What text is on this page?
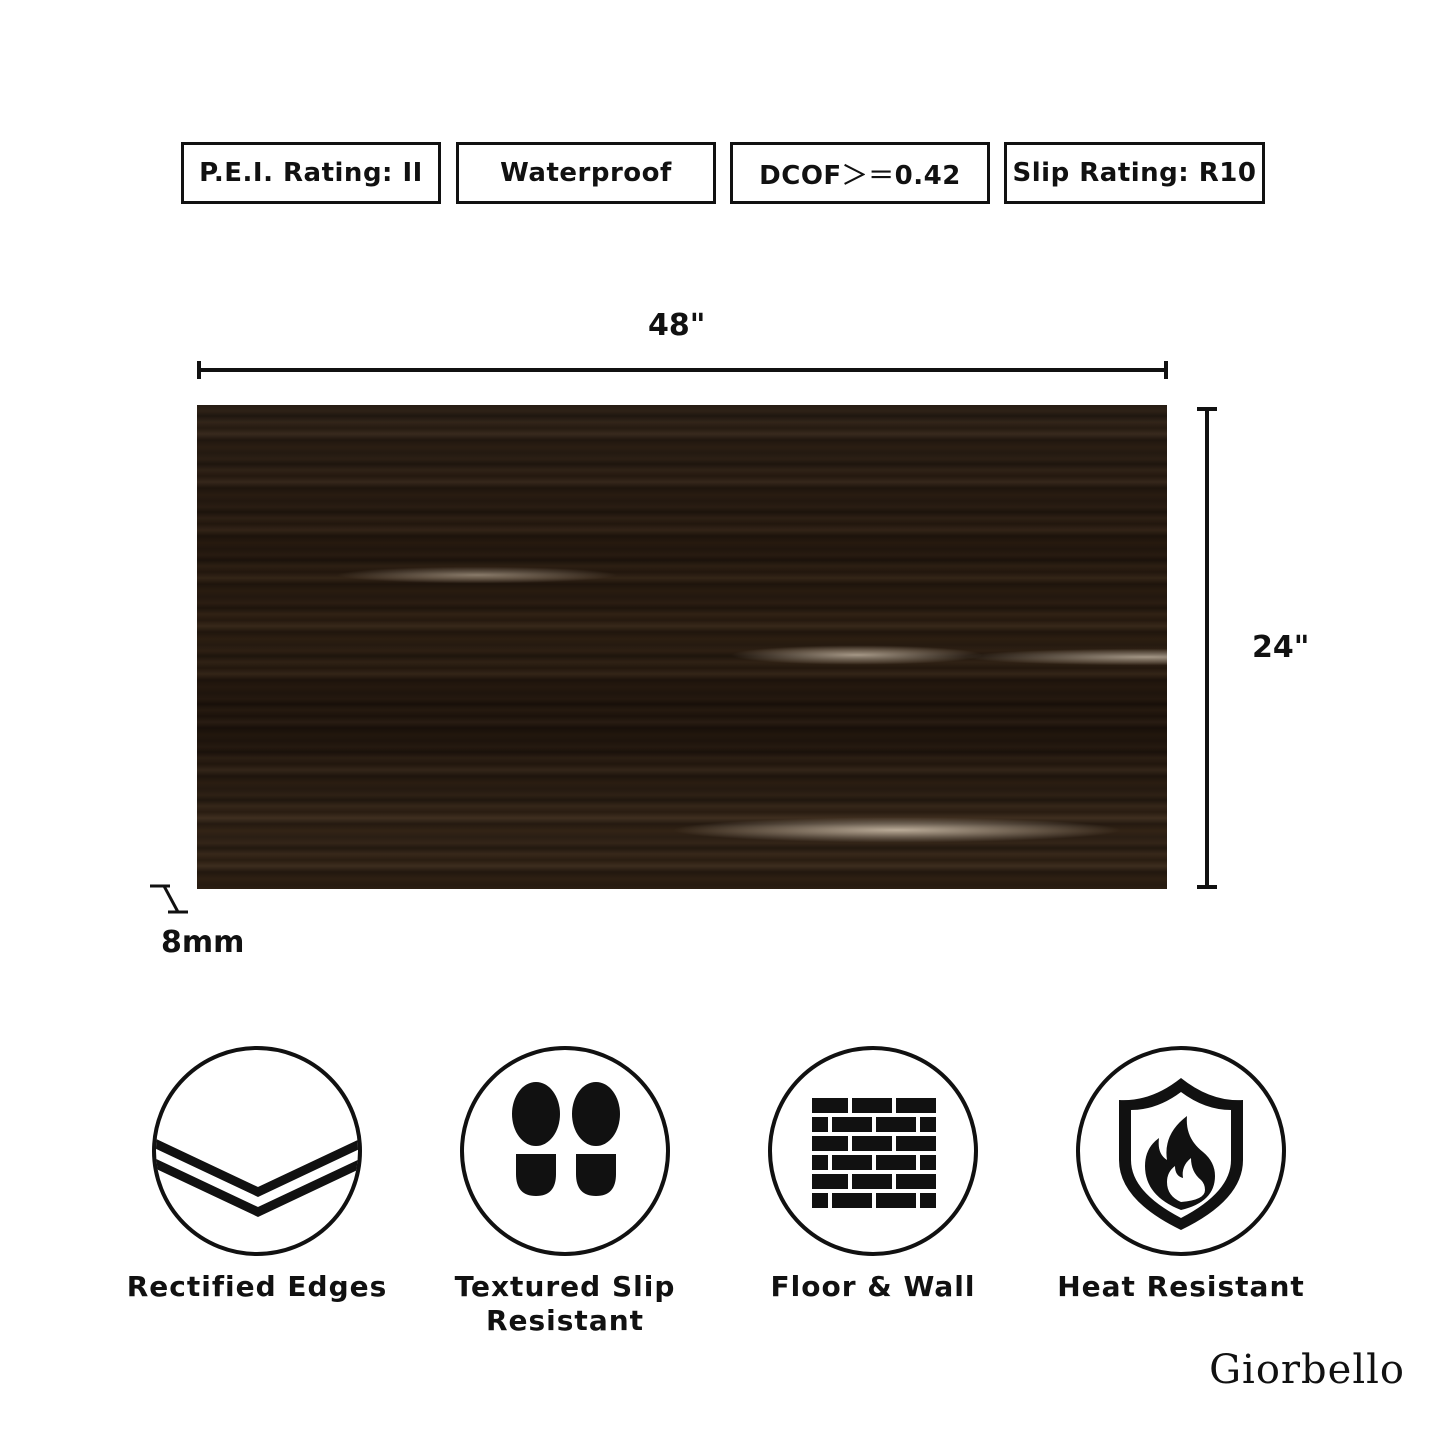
P.E.I. Rating: II	Waterproof	DCOF＞＝0.42	Slip Rating: R10
48"
24"
8mm
Rectified Edges	Textured Slip
Resistant
Floor & Wall	Heat Resistant
Giorbello
